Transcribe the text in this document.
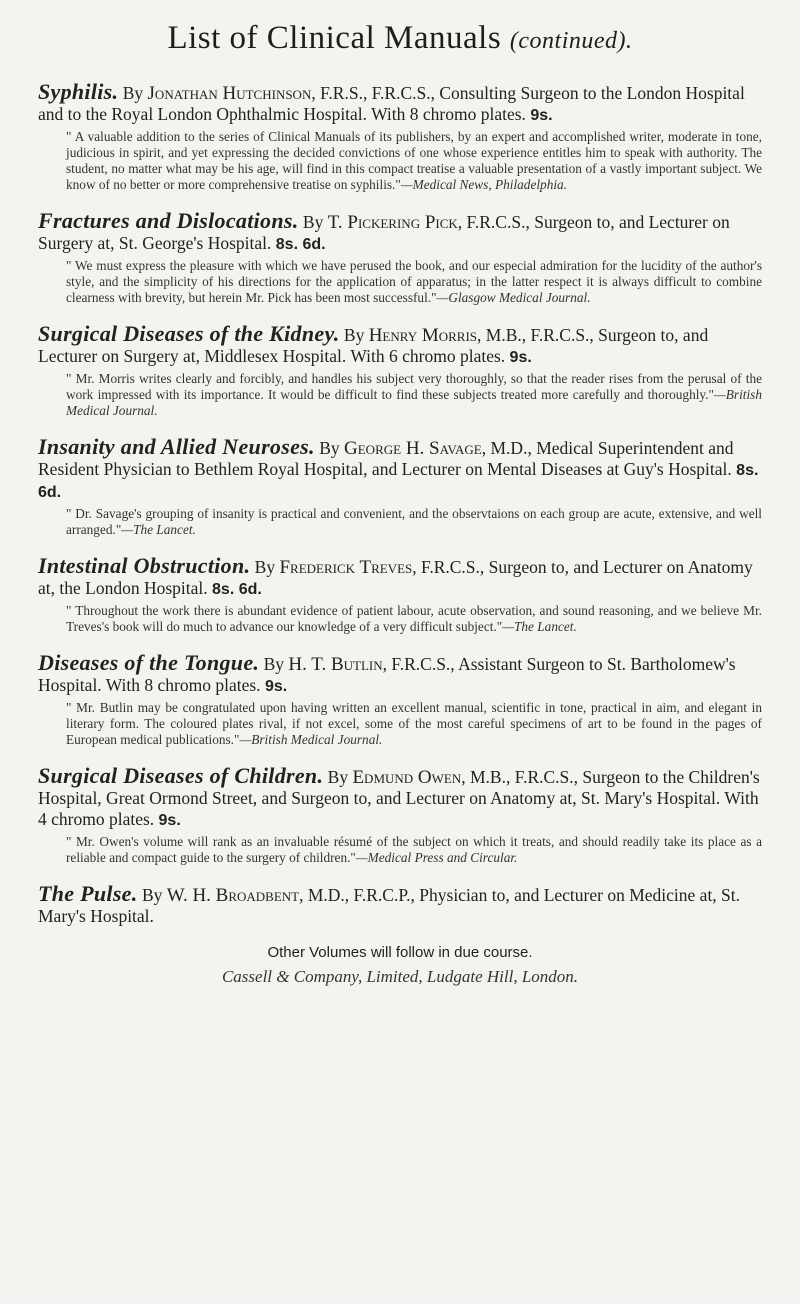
List of Clinical Manuals (continued).

Syphilis. By Jonathan Hutchinson, F.R.S., F.R.C.S., Consulting Surgeon to the London Hospital and to the Royal London Ophthalmic Hospital. With 8 chromo plates. 9s.

" A valuable addition to the series of Clinical Manuals of its publishers, by an expert and accomplished writer, moderate in tone, judicious in spirit, and yet expressing the decided convictions of one whose experience entitles him to speak with authority. The student, no matter what may be his age, will find in this compact treatise a valuable presentation of a vastly important subject. We know of no better or more comprehensive treatise on syphilis."—Medical News, Philadelphia.

Fractures and Dislocations. By T. Pickering Pick, F.R.C.S., Surgeon to, and Lecturer on Surgery at, St. George's Hospital. 8s. 6d.

" We must express the pleasure with which we have perused the book, and our especial admiration for the lucidity of the author's style, and the simplicity of his directions for the application of apparatus; in the latter respect it is always difficult to combine clearness with brevity, but herein Mr. Pick has been most successful."—Glasgow Medical Journal.

Surgical Diseases of the Kidney. By Henry Morris, M.B., F.R.C.S., Surgeon to, and Lecturer on Surgery at, Middlesex Hospital. With 6 chromo plates. 9s.

" Mr. Morris writes clearly and forcibly, and handles his subject very thoroughly, so that the reader rises from the perusal of the work impressed with its importance. It would be difficult to find these subjects treated more carefully and thoroughly."—British Medical Journal.

Insanity and Allied Neuroses. By George H. Savage, M.D., Medical Superintendent and Resident Physician to Bethlem Royal Hospital, and Lecturer on Mental Diseases at Guy's Hospital. 8s. 6d.

" Dr. Savage's grouping of insanity is practical and convenient, and the observtaions on each group are acute, extensive, and well arranged."—The Lancet.

Intestinal Obstruction. By Frederick Treves, F.R.C.S., Surgeon to, and Lecturer on Anatomy at, the London Hospital. 8s. 6d.

" Throughout the work there is abundant evidence of patient labour, acute observation, and sound reasoning, and we believe Mr. Treves's book will do much to advance our knowledge of a very difficult subject."—The Lancet.

Diseases of the Tongue. By H. T. Butlin, F.R.C.S., Assistant Surgeon to St. Bartholomew's Hospital. With 8 chromo plates. 9s.

" Mr. Butlin may be congratulated upon having written an excellent manual, scientific in tone, practical in aim, and elegant in literary form. The coloured plates rival, if not excel, some of the most careful specimens of art to be found in the pages of European medical publications."—British Medical Journal.

Surgical Diseases of Children. By Edmund Owen, M.B., F.R.C.S., Surgeon to the Children's Hospital, Great Ormond Street, and Surgeon to, and Lecturer on Anatomy at, St. Mary's Hospital. With 4 chromo plates. 9s.

" Mr. Owen's volume will rank as an invaluable résumé of the subject on which it treats, and should readily take its place as a reliable and compact guide to the surgery of children."—Medical Press and Circular.

The Pulse. By W. H. Broadbent, M.D., F.R.C.P., Physician to, and Lecturer on Medicine at, St. Mary's Hospital.

Other Volumes will follow in due course.
Cassell & Company, Limited, Ludgate Hill, London.
